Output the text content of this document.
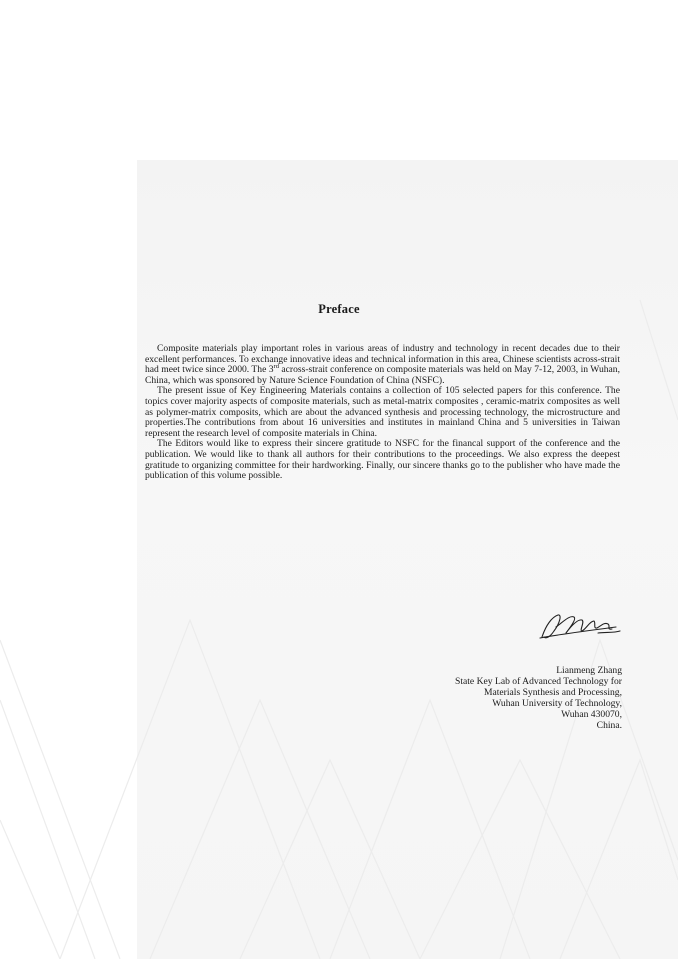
Preface

Composite materials play important roles in various areas of industry and technology in recent decades due to their excellent performances. To exchange innovative ideas and technical information in this area, Chinese scientists across-strait had meet twice since 2000. The 3rd across-strait conference on composite materials was held on May 7-12, 2003, in Wuhan, China, which was sponsored by Nature Science Foundation of China (NSFC).

The present issue of Key Engineering Materials contains a collection of 105 selected papers for this conference. The topics cover majority aspects of composite materials, such as metal-matrix composites , ceramic-matrix composites as well as polymer-matrix composits, which are about the advanced synthesis and processing technology, the microstructure and properties.The contributions from about 16 universities and institutes in mainland China and 5 universities in Taiwan represent the research level of composite materials in China.

The Editors would like to express their sincere gratitude to NSFC for the financal support of the conference and the publication. We would like to thank all authors for their contributions to the proceedings. We also express the deepest gratitude to organizing committee for their hardworking. Finally, our sincere thanks go to the publisher who have made the publication of this volume possible.

Lianmeng Zhang
State Key Lab of Advanced Technology for
Materials Synthesis and Processing,
Wuhan University of Technology,
Wuhan 430070,
China.
